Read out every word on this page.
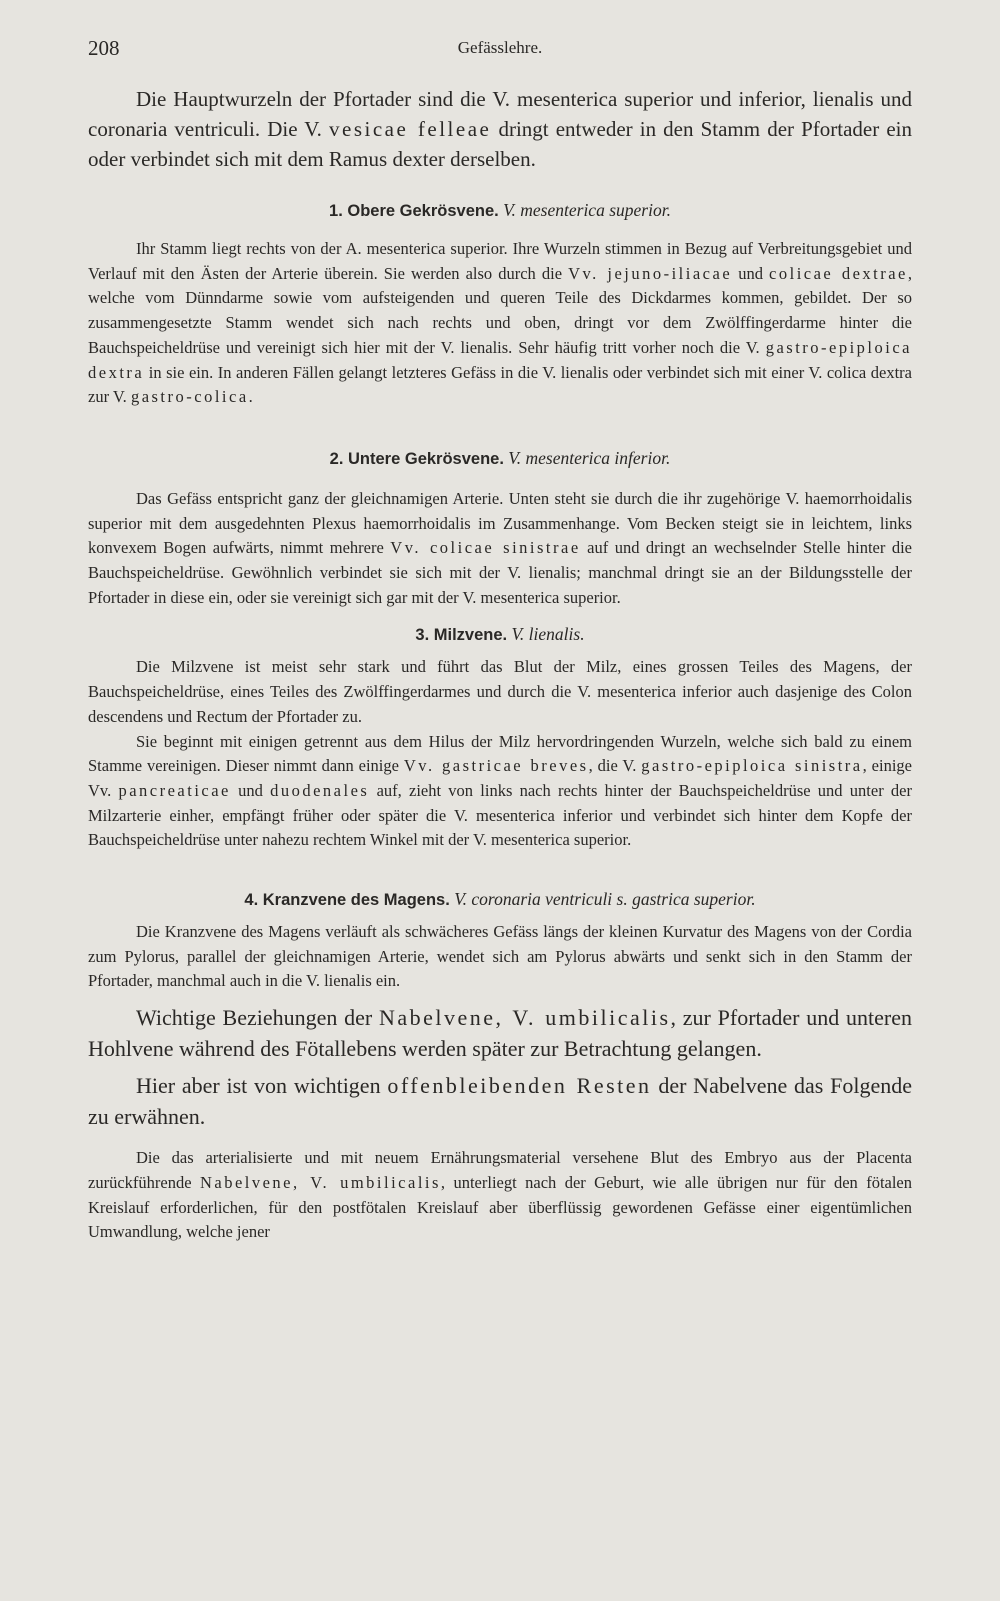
208	Gefässlehre.

Die Hauptwurzeln der Pfortader sind die V. mesenterica superior und inferior, lienalis und coronaria ventriculi. Die V. vesicae felleae dringt entweder in den Stamm der Pfortader ein oder verbindet sich mit dem Ramus dexter derselben.

1. Obere Gekrösvene. V. mesenterica superior.

Ihr Stamm liegt rechts von der A. mesenterica superior. Ihre Wurzeln stimmen in Bezug auf Verbreitungsgebiet und Verlauf mit den Ästen der Arterie überein. Sie werden also durch die Vv. jejuno-iliacae und colicae dextrae, welche vom Dünndarme sowie vom aufsteigenden und queren Teile des Dickdarmes kommen, gebildet. Der so zusammengesetzte Stamm wendet sich nach rechts und oben, dringt vor dem Zwölffingerdarme hinter die Bauchspeicheldrüse und vereinigt sich hier mit der V. lienalis. Sehr häufig tritt vorher noch die V. gastro-epiploica dextra in sie ein. In anderen Fällen gelangt letzteres Gefäss in die V. lienalis oder verbindet sich mit einer V. colica dextra zur V. gastro-colica.

2. Untere Gekrösvene. V. mesenterica inferior.

Das Gefäss entspricht ganz der gleichnamigen Arterie. Unten steht sie durch die ihr zugehörige V. haemorrhoidalis superior mit dem ausgedehnten Plexus haemorrhoidalis im Zusammenhange. Vom Becken steigt sie in leichtem, links konvexem Bogen aufwärts, nimmt mehrere Vv. colicae sinistrae auf und dringt an wechselnder Stelle hinter die Bauchspeicheldrüse. Gewöhnlich verbindet sie sich mit der V. lienalis; manchmal dringt sie an der Bildungsstelle der Pfortader in diese ein, oder sie vereinigt sich gar mit der V. mesenterica superior.

3. Milzvene. V. lienalis.

Die Milzvene ist meist sehr stark und führt das Blut der Milz, eines grossen Teiles des Magens, der Bauchspeicheldrüse, eines Teiles des Zwölffingerdarmes und durch die V. mesenterica inferior auch dasjenige des Colon descendens und Rectum der Pfortader zu.

Sie beginnt mit einigen getrennt aus dem Hilus der Milz hervordringenden Wurzeln, welche sich bald zu einem Stamme vereinigen. Dieser nimmt dann einige Vv. gastricae breves, die V. gastro-epiploica sinistra, einige Vv. pancreaticae und duodenales auf, zieht von links nach rechts hinter der Bauchspeicheldrüse und unter der Milzarterie einher, empfängt früher oder später die V. mesenterica inferior und verbindet sich hinter dem Kopfe der Bauchspeicheldrüse unter nahezu rechtem Winkel mit der V. mesenterica superior.

4. Kranzvene des Magens. V. coronaria ventriculi s. gastrica superior.

Die Kranzvene des Magens verläuft als schwächeres Gefäss längs der kleinen Kurvatur des Magens von der Cordia zum Pylorus, parallel der gleichnamigen Arterie, wendet sich am Pylorus abwärts und senkt sich in den Stamm der Pfortader, manchmal auch in die V. lienalis ein.

Wichtige Beziehungen der Nabelvene, V. umbilicalis, zur Pfortader und unteren Hohlvene während des Fötallebens werden später zur Betrachtung gelangen.

Hier aber ist von wichtigen offenbleibenden Resten der Nabelvene das Folgende zu erwähnen.

Die das arterialisierte und mit neuem Ernährungsmaterial versehene Blut des Embryo aus der Placenta zurückführende Nabelvene, V. umbilicalis, unterliegt nach der Geburt, wie alle übrigen nur für den fötalen Kreislauf erforderlichen, für den postfötalen Kreislauf aber überflüssig gewordenen Gefässe einer eigentümlichen Umwandlung, welche jener
